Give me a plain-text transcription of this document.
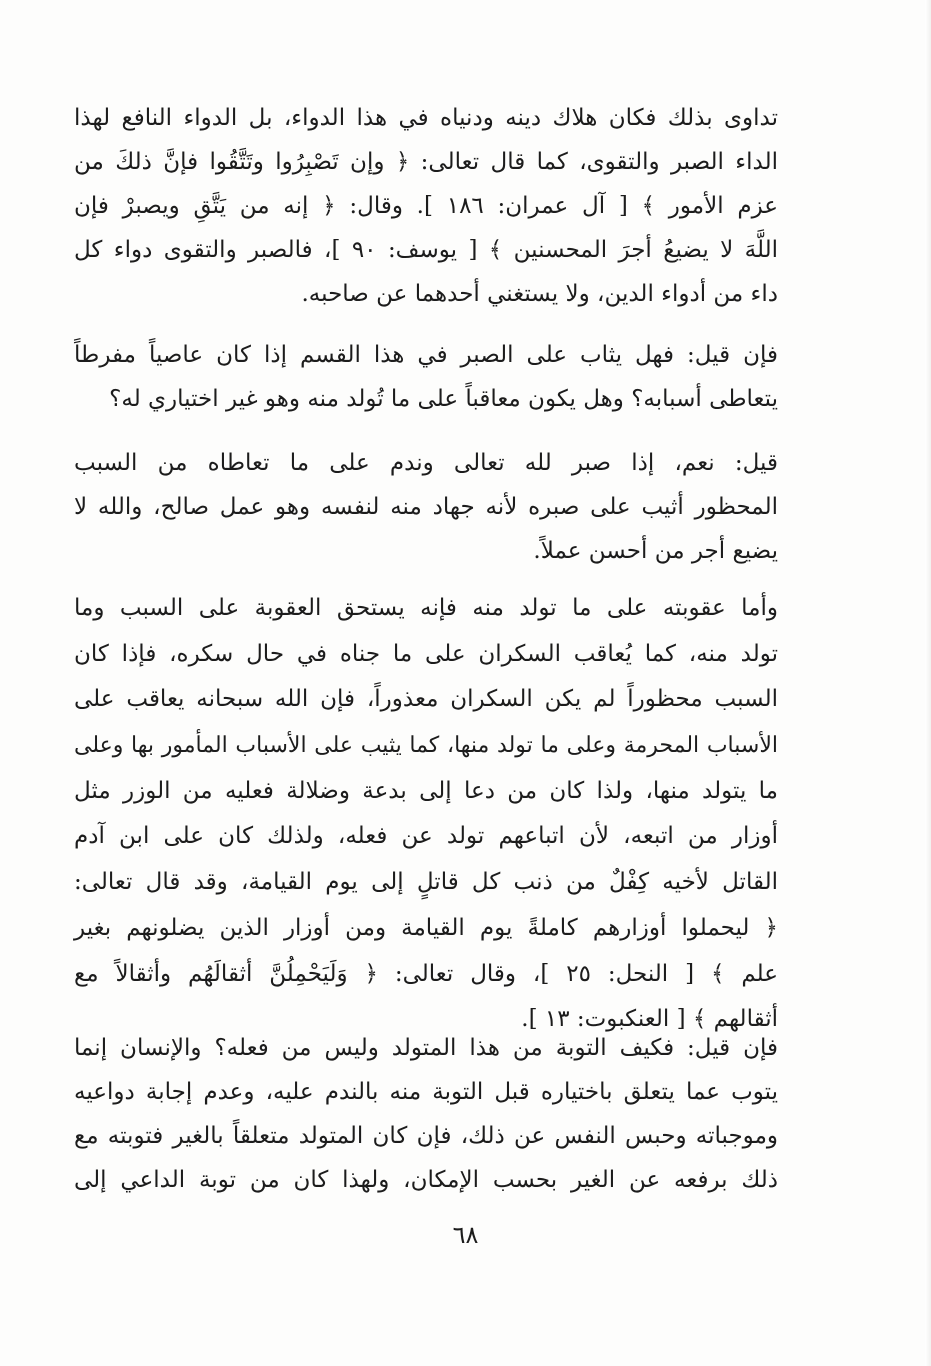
تداوى بذلك فكان هلاك دينه ودنياه في هذا الدواء، بل الدواء النافع لهذا
الداء الصبر والتقوى، كما قال تعالى: ﴿ وإن تَصْبِرُوا وتَتَّقُوا فإنَّ ذلكَ من
عزم الأمور ﴾ [ آل عمران: ١٨٦ ]. وقال: ﴿ إنه من يَتَّقِ ويصبرْ فإن
اللَّهَ لا يضيعُ أجرَ المحسنين ﴾ [ يوسف: ٩٠ ]، فالصبر والتقوى دواء كل
داء من أدواء الدين، ولا يستغني أحدهما عن صاحبه.
فإن قيل: فهل يثاب على الصبر في هذا القسم إذا كان عاصياً مفرطاً
يتعاطى أسبابه؟ وهل يكون معاقباً على ما تُولد منه وهو غير اختياري له؟
قيل: نعم، إذا صبر لله تعالى وندم على ما تعاطاه من السبب
المحظور أثيب على صبره لأنه جهاد منه لنفسه وهو عمل صالح، والله لا
يضيع أجر من أحسن عملاً.
وأما عقوبته على ما تولد منه فإنه يستحق العقوبة على السبب وما
تولد منه، كما يُعاقب السكران على ما جناه في حال سكره، فإذا كان
السبب محظوراً لم يكن السكران معذوراً، فإن الله سبحانه يعاقب على
الأسباب المحرمة وعلى ما تولد منها، كما يثيب على الأسباب المأمور بها وعلى
ما يتولد منها، ولذا كان من دعا إلى بدعة وضلالة فعليه من الوزر مثل
أوزار من اتبعه، لأن اتباعهم تولد عن فعله، ولذلك كان على ابن آدم
القاتل لأخيه كِفْلٌ من ذنب كل قاتلٍ إلى يوم القيامة، وقد قال تعالى:
﴿ ليحملوا أوزارهم كاملةً يوم القيامة ومن أوزار الذين يضلونهم بغير
علم ﴾ [ النحل: ٢٥ ]، وقال تعالى: ﴿ وَلَيَحْمِلُنَّ أثقالَهُم وأثقالاً مع
أثقالهم ﴾ [ العنكبوت: ١٣ ].
فإن قيل: فكيف التوبة من هذا المتولد وليس من فعله؟ والإنسان إنما
يتوب عما يتعلق باختياره قبل التوبة منه بالندم عليه، وعدم إجابة دواعيه
وموجباته وحبس النفس عن ذلك، فإن كان المتولد متعلقاً بالغير فتوبته مع
ذلك برفعه عن الغير بحسب الإمكان، ولهذا كان من توبة الداعي إلى
٦٨
